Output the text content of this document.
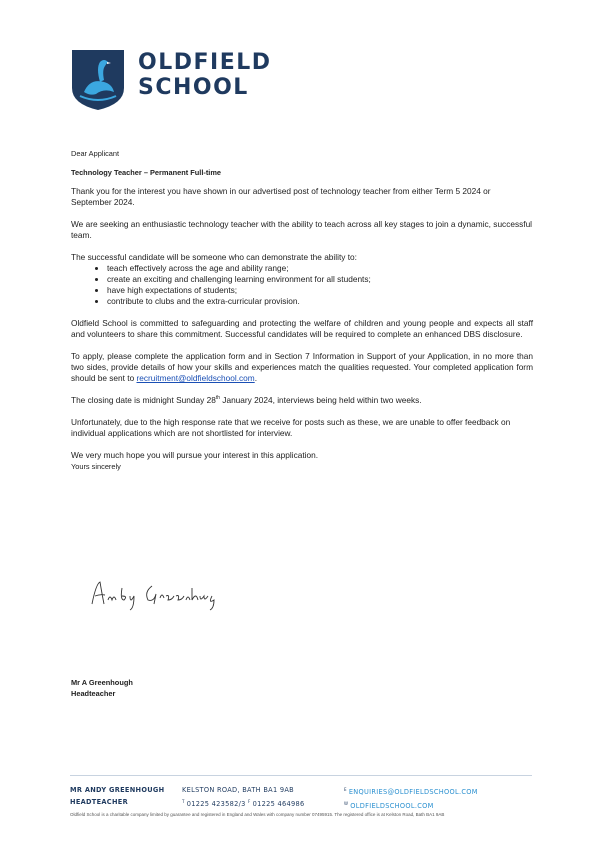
OLDFIELD
SCHOOL

Dear Applicant

Technology Teacher – Permanent Full-time

Thank you for the interest you have shown in our advertised post of technology teacher from either Term 5 2024 or September 2024.

We are seeking an enthusiastic technology teacher with the ability to teach across all key stages to join a dynamic, successful team.

The successful candidate will be someone who can demonstrate the ability to:

• teach effectively across the age and ability range;
• create an exciting and challenging learning environment for all students;
• have high expectations of students;
• contribute to clubs and the extra-curricular provision.

Oldfield School is committed to safeguarding and protecting the welfare of children and young people and expects all staff and volunteers to share this commitment. Successful candidates will be required to complete an enhanced DBS disclosure.

To apply, please complete the application form and in Section 7 Information in Support of your Application, in no more than two sides, provide details of how your skills and experiences match the qualities requested. Your completed application form should be sent to recruitment@oldfieldschool.com.

The closing date is midnight Sunday 28th January 2024, interviews being held within two weeks.

Unfortunately, due to the high response rate that we receive for posts such as these, we are unable to offer feedback on individual applications which are not shortlisted for interview.

We very much hope you will pursue your interest in this application.

Yours sincerely

Mr A Greenhough
Headteacher
MR ANDY GREENHOUGH
HEADTEACHER
KELSTON ROAD, BATH BA1 9AB
$^T$ 01225 423582/3 $^F$ 01225 464986
$^E$ ENQUIRIES@OLDFIELDSCHOOL.COM
$^W$ OLDFIELDSCHOOL.COM
Oldfield School is a charitable company limited by guarantee and registered in England and Wales with company number 07495915. The registered office is at Kelston Road, Bath BA1 9AB
